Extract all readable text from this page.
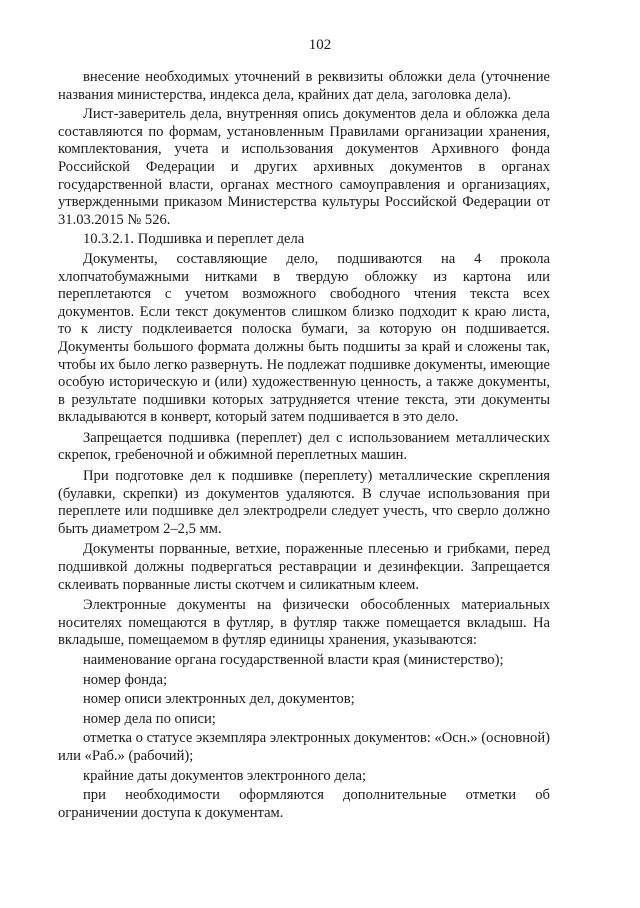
102

внесение необходимых уточнений в реквизиты обложки дела (уточнение названия министерства, индекса дела, крайних дат дела, заголовка дела).

Лист-заверитель дела, внутренняя опись документов дела и обложка дела составляются по формам, установленным Правилами организации хранения, комплектования, учета и использования документов Архивного фонда Российской Федерации и других архивных документов в органах государственной власти, органах местного самоуправления и организациях, утвержденными приказом Министерства культуры Российской Федерации от 31.03.2015 № 526.

10.3.2.1. Подшивка и переплет дела

Документы, составляющие дело, подшиваются на 4 прокола хлопчатобумажными нитками в твердую обложку из картона или переплетаются с учетом возможного свободного чтения текста всех документов. Если текст документов слишком близко подходит к краю листа, то к листу подклеивается полоска бумаги, за которую он подшивается. Документы большого формата должны быть подшиты за край и сложены так, чтобы их было легко развернуть. Не подлежат подшивке документы, имеющие особую историческую и (или) художественную ценность, а также документы, в результате подшивки которых затрудняется чтение текста, эти документы вкладываются в конверт, который затем подшивается в это дело.

Запрещается подшивка (переплет) дел с использованием металлических скрепок, гребеночной и обжимной переплетных машин.

При подготовке дел к подшивке (переплету) металлические скрепления (булавки, скрепки) из документов удаляются. В случае использования при переплете или подшивке дел электродрели следует учесть, что сверло должно быть диаметром 2–2,5 мм.

Документы порванные, ветхие, пораженные плесенью и грибками, перед подшивкой должны подвергаться реставрации и дезинфекции. Запрещается склеивать порванные листы скотчем и силикатным клеем.

Электронные документы на физически обособленных материальных носителях помещаются в футляр, в футляр также помещается вкладыш. На вкладыше, помещаемом в футляр единицы хранения, указываются:

наименование органа государственной власти края (министерство);

номер фонда;

номер описи электронных дел, документов;

номер дела по описи;

отметка о статусе экземпляра электронных документов: «Осн.» (основной) или «Раб.» (рабочий);

крайние даты документов электронного дела;

при необходимости оформляются дополнительные отметки об ограничении доступа к документам.
